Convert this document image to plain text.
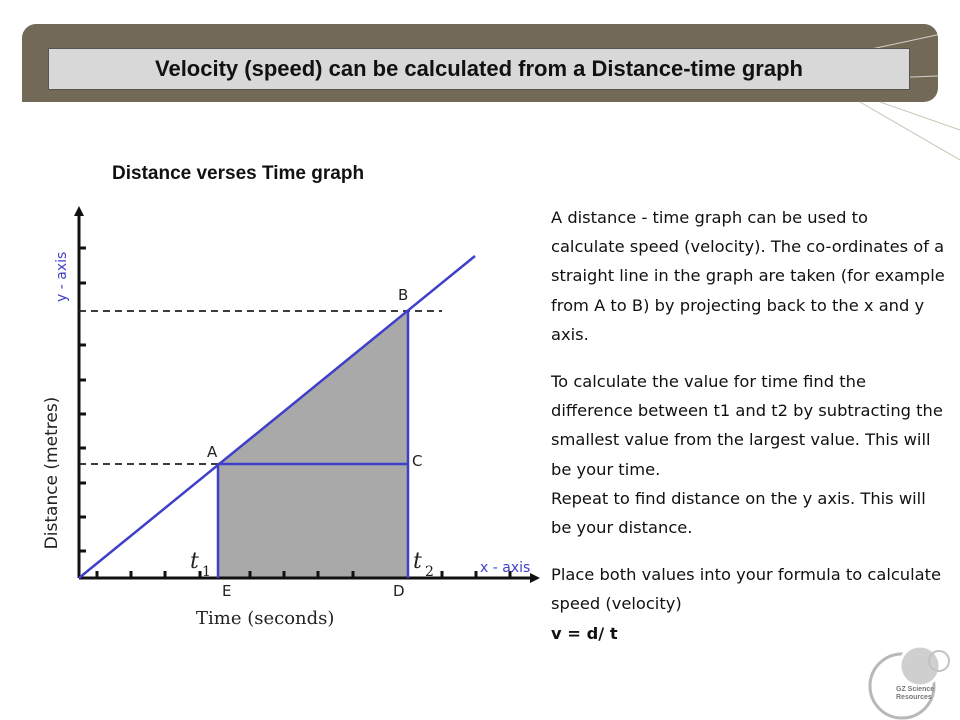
Velocity (speed) can be calculated from a Distance-time graph
Distance verses Time graph
B
A	C
E	D
t 1	t 2
y - axis
x - axis
Distance (metres)
Time (seconds)

A distance - time graph can be used to calculate speed (velocity). The co-ordinates of a straight line in the graph are taken (for example from A to B) by projecting back to the x and y axis.

To calculate the value for time find the difference between t1 and t2 by subtracting the smallest value from the largest value. This will be your time.

Repeat to find distance on the y axis. This will be your distance.

Place both values into your formula to calculate speed (velocity)

v = d/ t

GZ Science
Resources
